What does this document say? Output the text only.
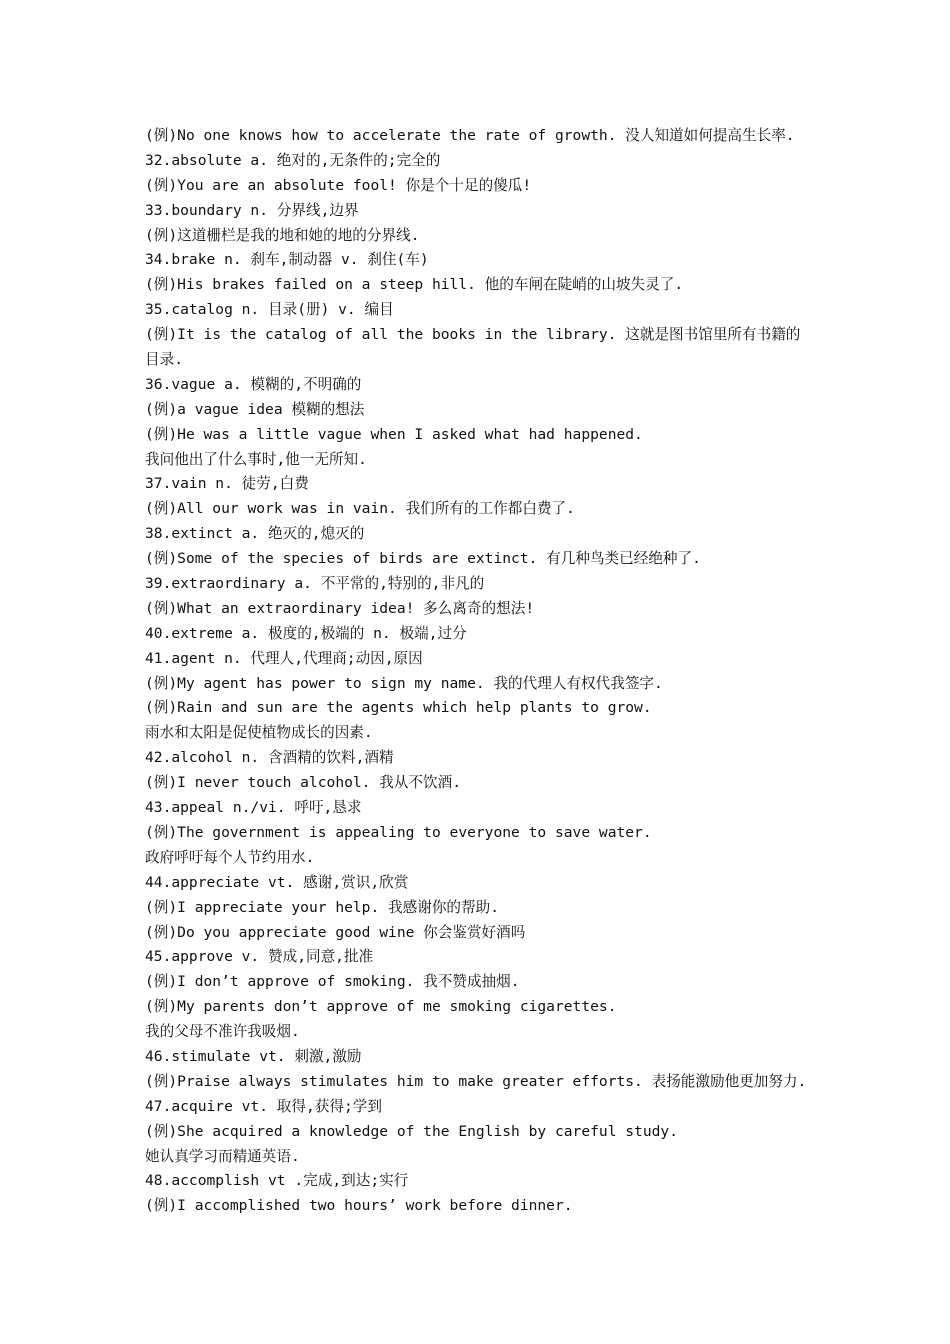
(例)No one knows how to accelerate the rate of growth. 没人知道如何提高生长率.
32.absolute a. 绝对的,无条件的;完全的
(例)You are an absolute fool! 你是个十足的傻瓜!
33.boundary n. 分界线,边界
(例)这道栅栏是我的地和她的地的分界线.
34.brake n. 刹车,制动器 v. 刹住(车)
(例)His brakes failed on a steep hill. 他的车闸在陡峭的山坡失灵了.
35.catalog n. 目录(册) v. 编目
(例)It is the catalog of all the books in the library. 这就是图书馆里所有书籍的
目录.
36.vague a. 模糊的,不明确的
(例)a vague idea 模糊的想法
(例)He was a little vague when I asked what had happened.
我问他出了什么事时,他一无所知.
37.vain n. 徒劳,白费
(例)All our work was in vain. 我们所有的工作都白费了.
38.extinct a. 绝灭的,熄灭的
(例)Some of the species of birds are extinct. 有几种鸟类已经绝种了.
39.extraordinary a. 不平常的,特别的,非凡的
(例)What an extraordinary idea! 多么离奇的想法!
40.extreme a. 极度的,极端的 n. 极端,过分
41.agent n. 代理人,代理商;动因,原因
(例)My agent has power to sign my name. 我的代理人有权代我签字.
(例)Rain and sun are the agents which help plants to grow.
雨水和太阳是促使植物成长的因素.
42.alcohol n. 含酒精的饮料,酒精
(例)I never touch alcohol. 我从不饮酒.
43.appeal n./vi. 呼吁,恳求
(例)The government is appealing to everyone to save water.
政府呼吁每个人节约用水.
44.appreciate vt. 感谢,赏识,欣赏
(例)I appreciate your help. 我感谢你的帮助.
(例)Do you appreciate good wine 你会鉴赏好酒吗
45.approve v. 赞成,同意,批准
(例)I don’t approve of smoking. 我不赞成抽烟.
(例)My parents don’t approve of me smoking cigarettes.
我的父母不准许我吸烟.
46.stimulate vt. 刺激,激励
(例)Praise always stimulates him to make greater efforts. 表扬能激励他更加努力.
47.acquire vt. 取得,获得;学到
(例)She acquired a knowledge of the English by careful study.
她认真学习而精通英语.
48.accomplish vt .完成,到达;实行
(例)I accomplished two hours’ work before dinner.
